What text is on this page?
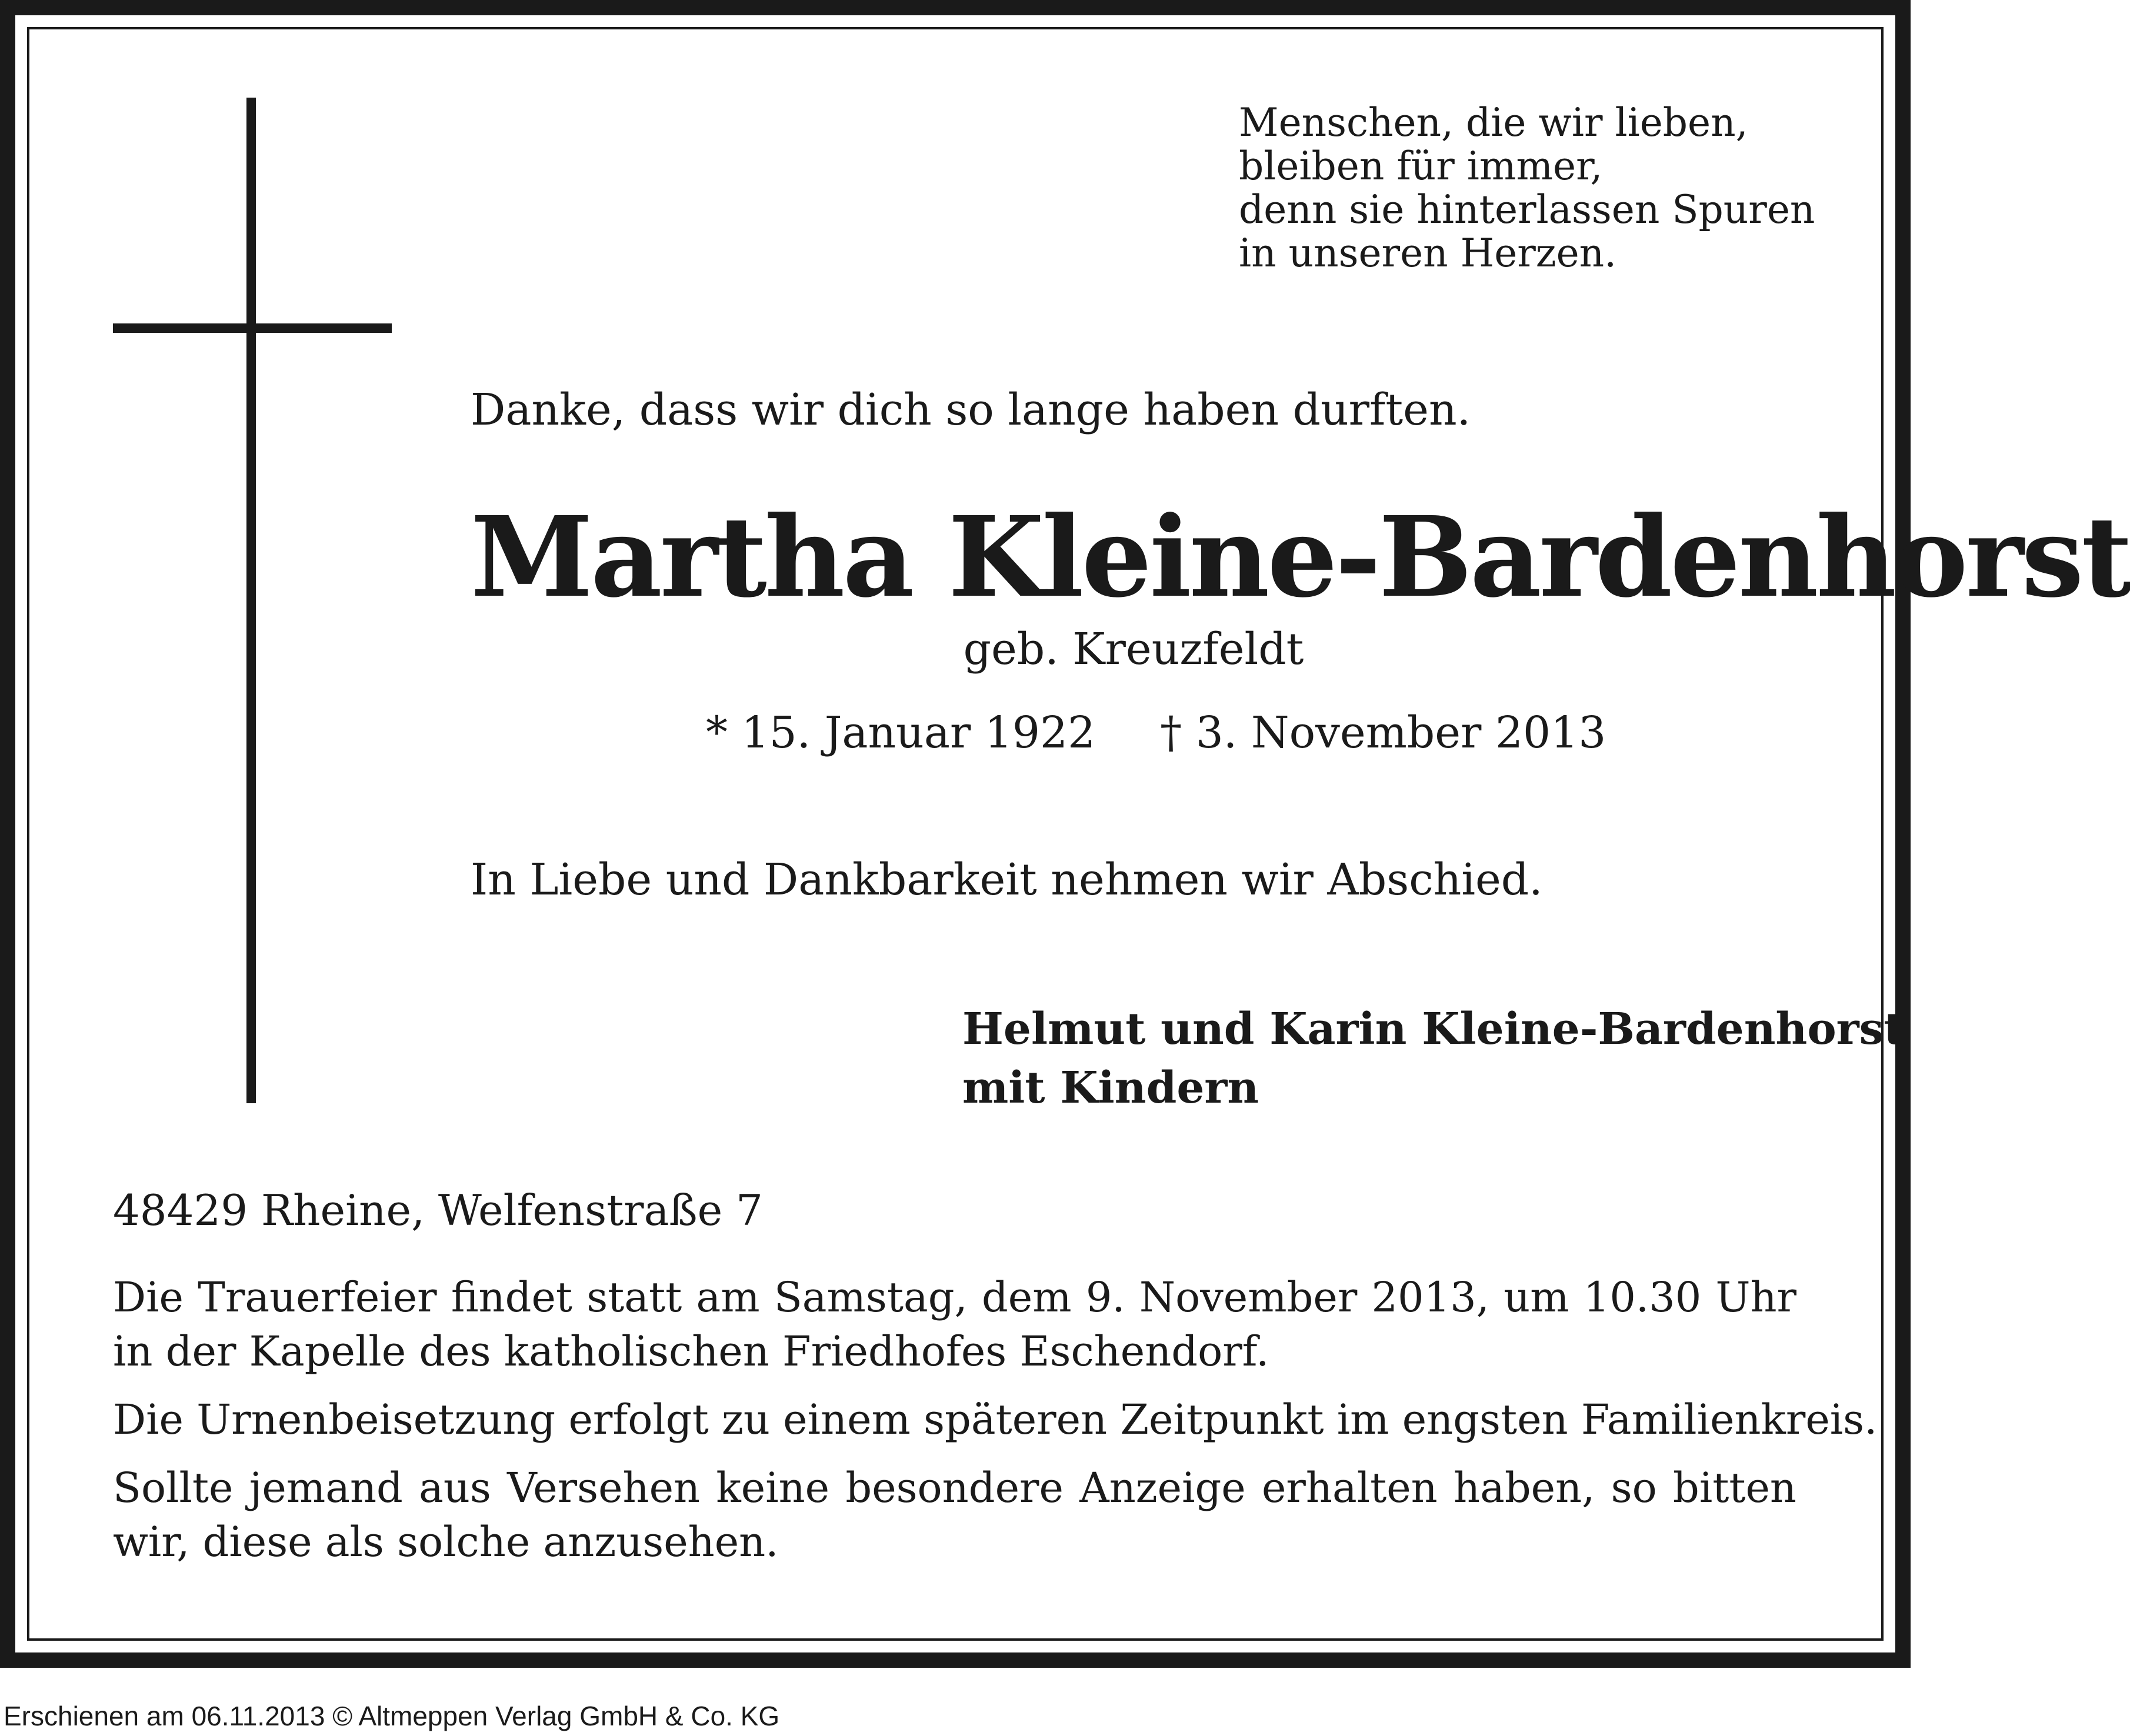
Menschen, die wir lieben,
bleiben für immer,
denn sie hinterlassen Spuren
in unseren Herzen.
Danke, dass wir dich so lange haben durften.
Martha Kleine-Bardenhorst
geb. Kreuzfeldt
* 15. Januar 1922 † 3. November 2013
In Liebe und Dankbarkeit nehmen wir Abschied.
Helmut und Karin Kleine-Bardenhorst
mit Kindern
48429 Rheine, Welfenstraße 7
Die Trauerfeier findet statt am Samstag, dem 9. November 2013, um 10.30 Uhr in der Kapelle des katholischen Friedhofes Eschendorf.
Die Urnenbeisetzung erfolgt zu einem späteren Zeitpunkt im engsten Familienkreis.
Sollte jemand aus Versehen keine besondere Anzeige erhalten haben, so bitten wir, diese als solche anzusehen.
Erschienen am 06.11.2013 © Altmeppen Verlag GmbH & Co. KG
